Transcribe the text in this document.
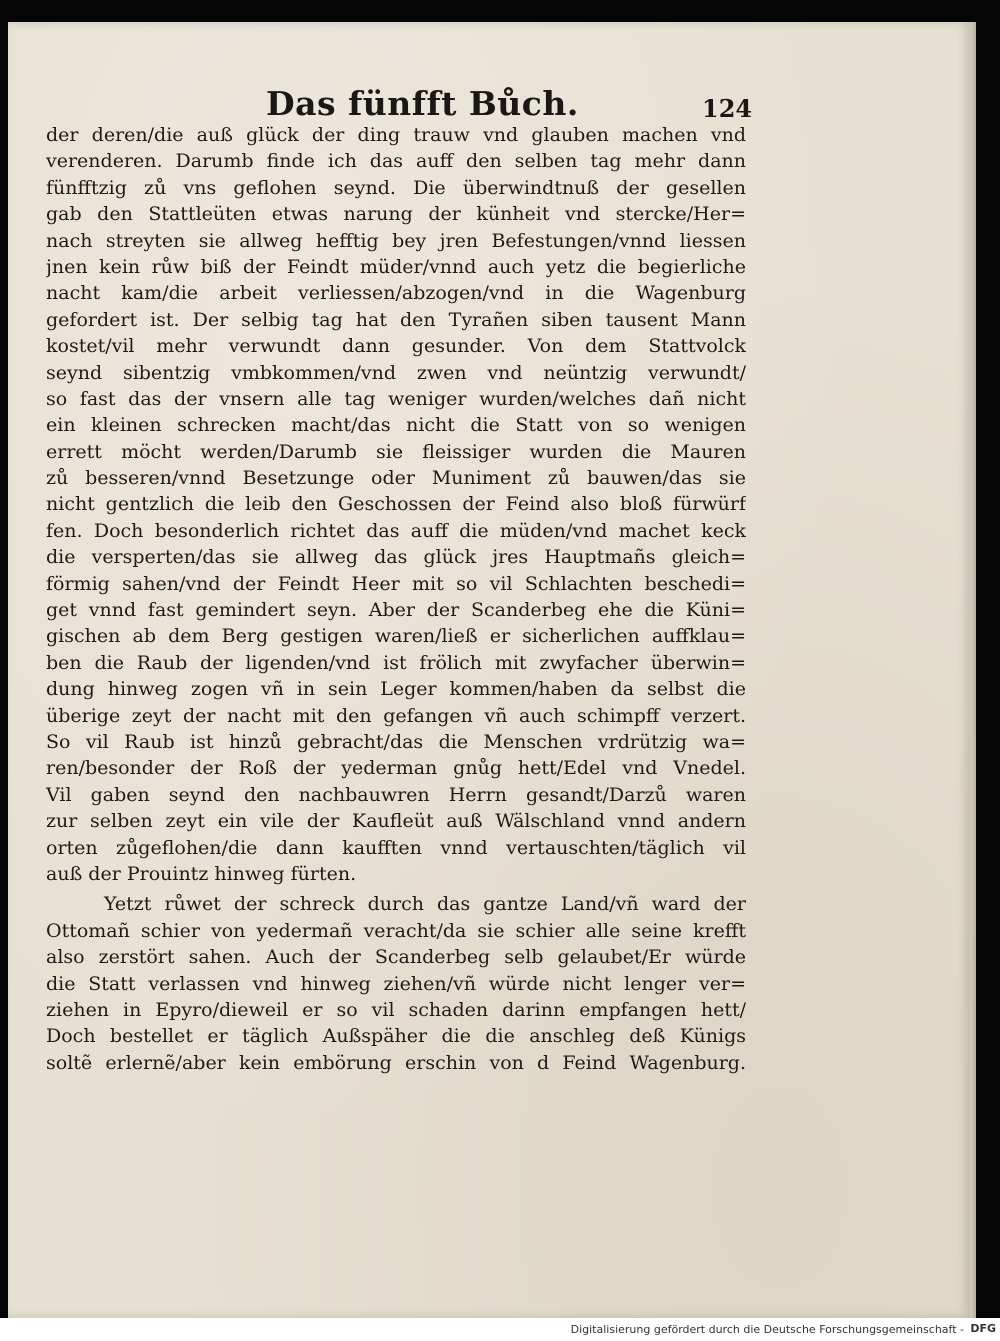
Das fünfft Bůch.	124
der deren/die auß glück der ding trauw vnd glauben machen vnd
verenderen. Darumb finde ich das auff den selben tag mehr dann
fünfftzig zů vns geflohen seynd. Die überwindtnuß der gesellen
gab den Stattleüten etwas narung der künheit vnd stercke/Her=
nach streyten sie allweg hefftig bey jren Befestungen/vnnd liessen
jnen kein růw biß der Feindt müder/vnnd auch yetz die begierliche
nacht kam/die arbeit verliessen/abzogen/vnd in die Wagenburg
gefordert ist. Der selbig tag hat den Tyrañen siben tausent Mann
kostet/vil mehr verwundt dann gesunder. Von dem Stattvolck
seynd sibentzig vmbkommen/vnd zwen vnd neüntzig verwundt/
so fast das der vnsern alle tag weniger wurden/welches dañ nicht
ein kleinen schrecken macht/das nicht die Statt von so wenigen
errett möcht werden/Darumb sie fleissiger wurden die Mauren
zů besseren/vnnd Besetzunge oder Muniment zů bauwen/das sie
nicht gentzlich die leib den Geschossen der Feind also bloß fürwürf
fen. Doch besonderlich richtet das auff die müden/vnd machet keck
die versperten/das sie allweg das glück jres Hauptmañs gleich=
förmig sahen/vnd der Feindt Heer mit so vil Schlachten beschedi=
get vnnd fast gemindert seyn. Aber der Scanderbeg ehe die Küni=
gischen ab dem Berg gestigen waren/ließ er sicherlichen auffklau=
ben die Raub der ligenden/vnd ist frölich mit zwyfacher überwin=
dung hinweg zogen vñ in sein Leger kommen/haben da selbst die
überige zeyt der nacht mit den gefangen vñ auch schimpff verzert.
So vil Raub ist hinzů gebracht/das die Menschen vrdrützig wa=
ren/besonder der Roß der yederman gnůg hett/Edel vnd Vnedel.
Vil gaben seynd den nachbauwren Herrn gesandt/Darzů waren
zur selben zeyt ein vile der Kaufleüt auß Wälschland vnnd andern
orten zůgeflohen/die dann kaufften vnnd vertauschten/täglich vil
auß der Prouintz hinweg fürten.
Yetzt růwet der schreck durch das gantze Land/vñ ward der
Ottomañ schier von yedermañ veracht/da sie schier alle seine krefft
also zerstört sahen. Auch der Scanderbeg selb gelaubet/Er würde
die Statt verlassen vnd hinweg ziehen/vñ würde nicht lenger ver=
ziehen in Epyro/dieweil er so vil schaden darinn empfangen hett/
Doch bestellet er täglich Außspäher die die anschleg deß Künigs
soltẽ erlernẽ/aber kein embörung erschin von d Feind Wagenburg.
Digitalisierung gefördert durch die Deutsche Forschungsgemeinschaft - DFG
